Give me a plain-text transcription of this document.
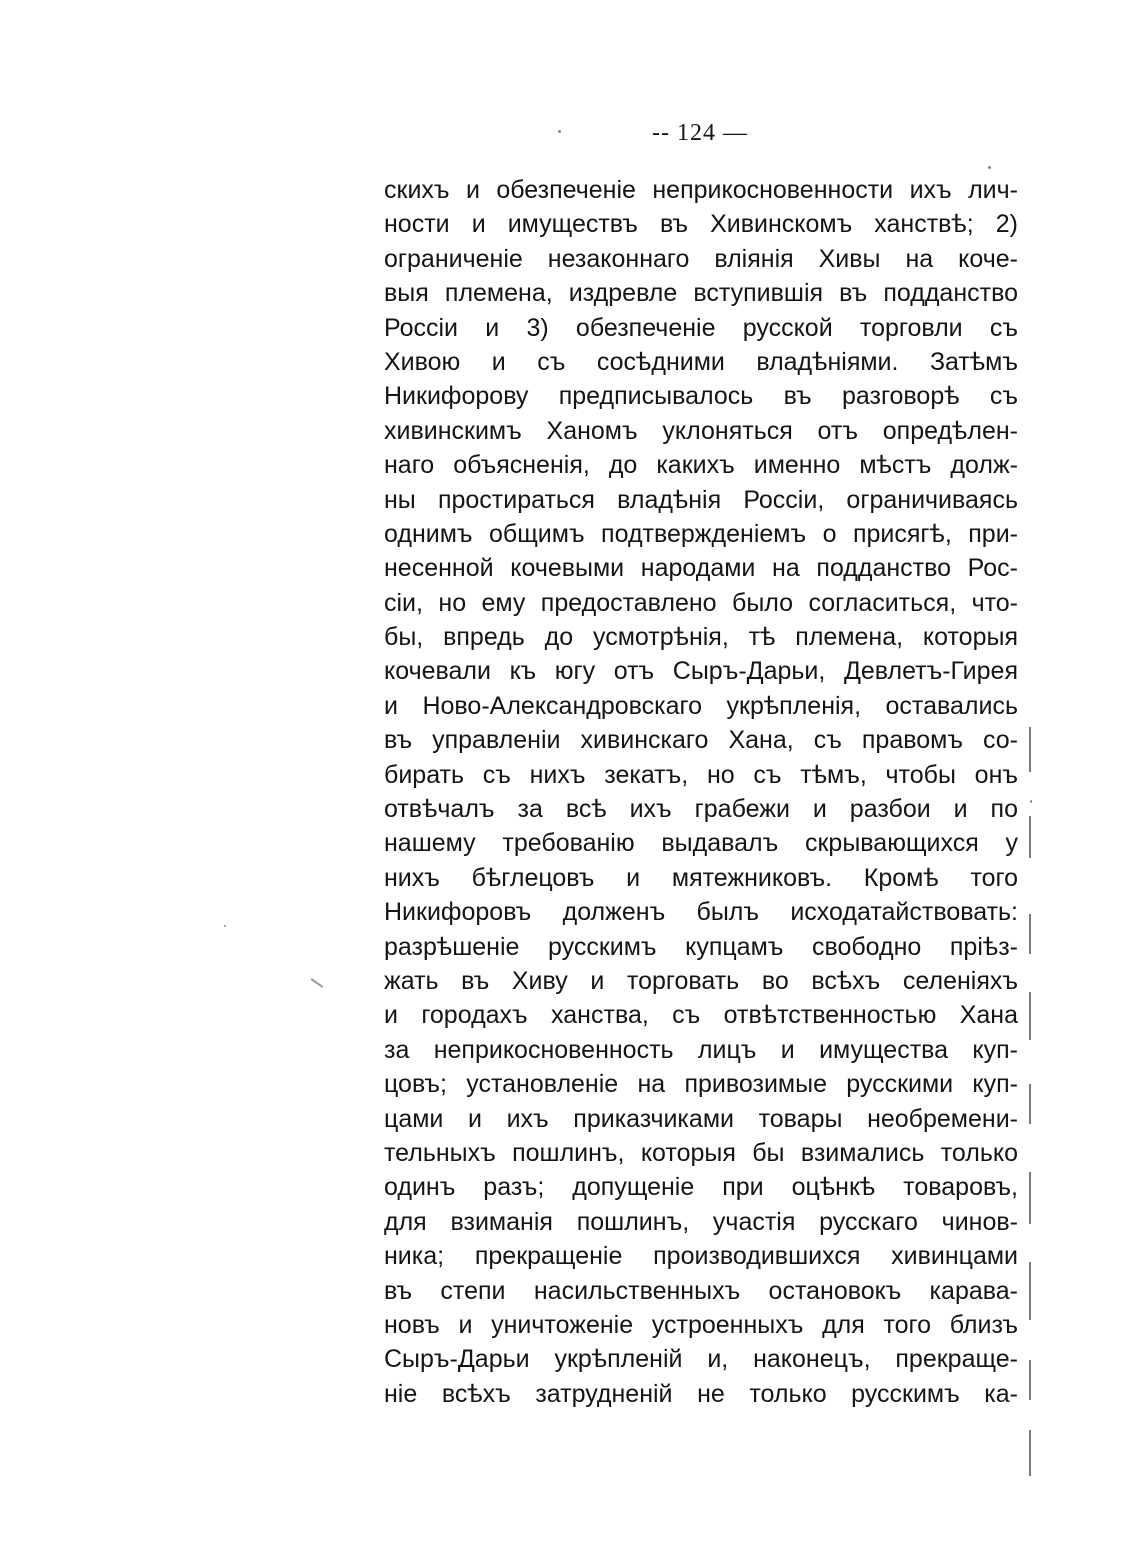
-- 124 —
скихъ и обезпеченіе неприкосновенности ихъ лич-
ности и имуществъ въ Хивинскомъ ханствѣ; 2)
ограниченіе незаконнаго вліянія Хивы на коче-
выя племена, издревле вступившія въ подданство
Россіи и 3) обезпеченіе русской торговли съ
Хивою и съ сосѣдними владѣніями. Затѣмъ
Никифорову предписывалось въ разговорѣ съ
хивинскимъ Ханомъ уклоняться отъ опредѣлен-
наго объясненія, до какихъ именно мѣстъ долж-
ны простираться владѣнія Россіи, ограничиваясь
однимъ общимъ подтвержденіемъ о присягѣ, при-
несенной кочевыми народами на подданство Рос-
сіи, но ему предоставлено было согласиться, что-
бы, впредь до усмотрѣнія, тѣ племена, которыя
кочевали къ югу отъ Сыръ-Дарьи, Девлетъ-Гирея
и Ново-Александровскаго укрѣпленія, оставались
въ управленіи хивинскаго Хана, съ правомъ со-
бирать съ нихъ зекатъ, но съ тѣмъ, чтобы онъ
отвѣчалъ за всѣ ихъ грабежи и разбои и по
нашему требованію выдавалъ скрывающихся у
нихъ бѣглецовъ и мятежниковъ. Кромѣ того
Никифоровъ долженъ былъ исходатайствовать:
разрѣшеніе русскимъ купцамъ свободно пріѣз-
жать въ Хиву и торговать во всѣхъ селеніяхъ
и городахъ ханства, съ отвѣтственностью Хана
за неприкосновенность лицъ и имущества куп-
цовъ; установленіе на привозимые русскими куп-
цами и ихъ приказчиками товары необремени-
тельныхъ пошлинъ, которыя бы взимались только
одинъ разъ; допущеніе при оцѣнкѣ товаровъ,
для взиманія пошлинъ, участія русскаго чинов-
ника; прекращеніе производившихся хивинцами
въ степи насильственныхъ остановокъ карава-
новъ и уничтоженіе устроенныхъ для того близъ
Сыръ-Дарьи укрѣпленій и, наконецъ, прекраще-
ніе всѣхъ затрудненій не только русскимъ ка-
